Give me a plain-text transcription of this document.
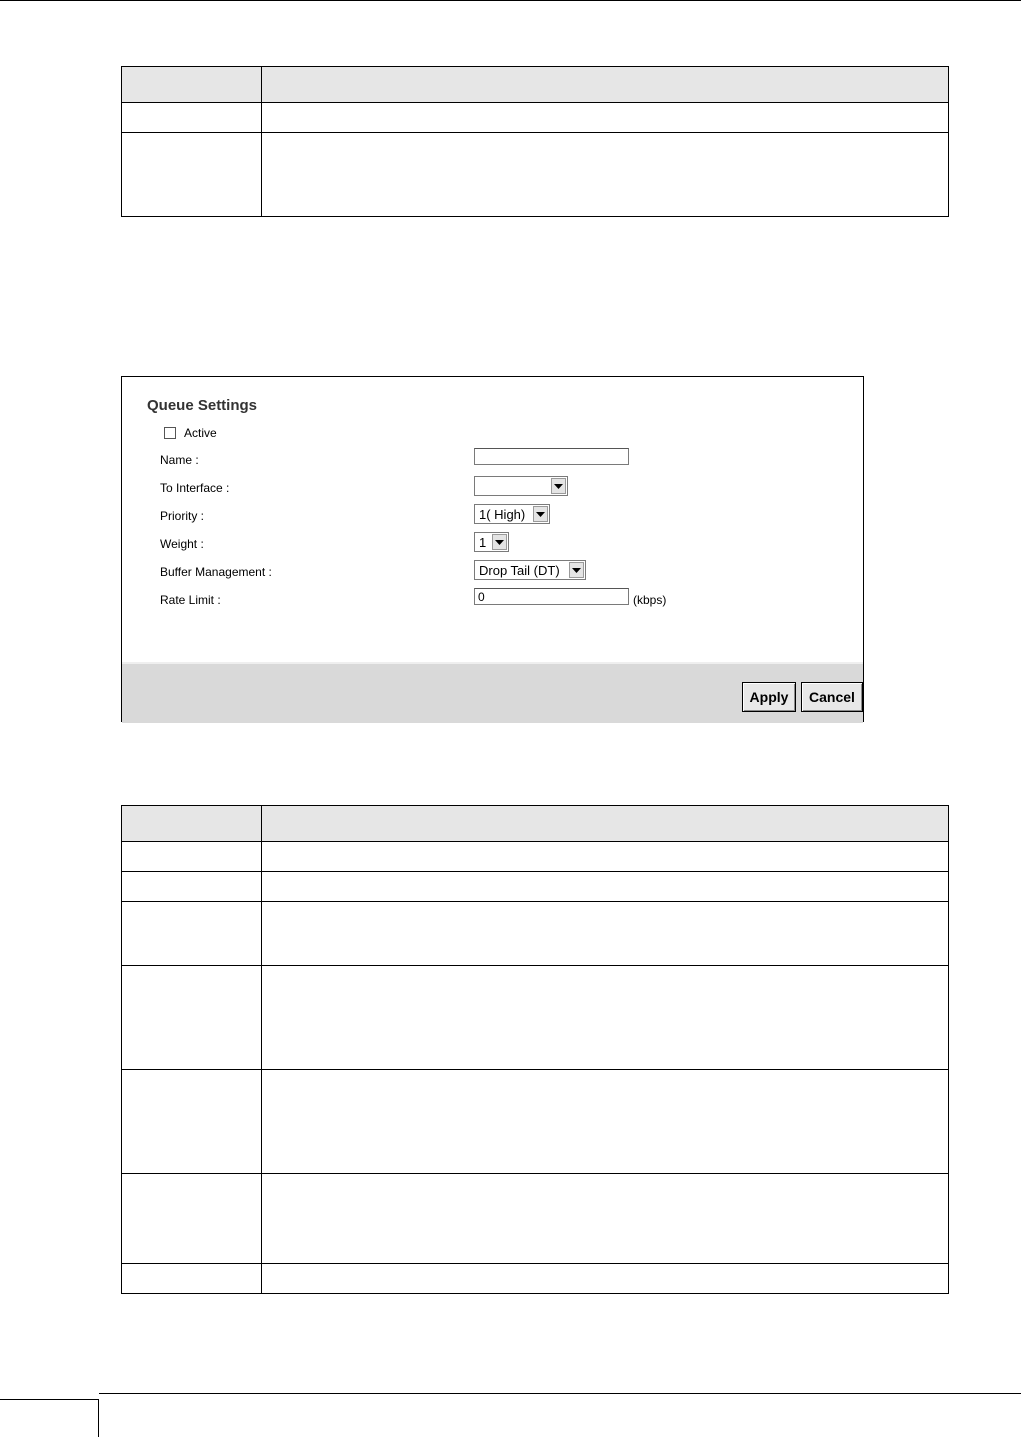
Queue Settings
Active
Name :
To Interface :
Priority :	1( High)
Weight :	1
Buffer Management :	Drop Tail (DT)
Rate Limit :	0	(kbps)
Apply	Cancel
